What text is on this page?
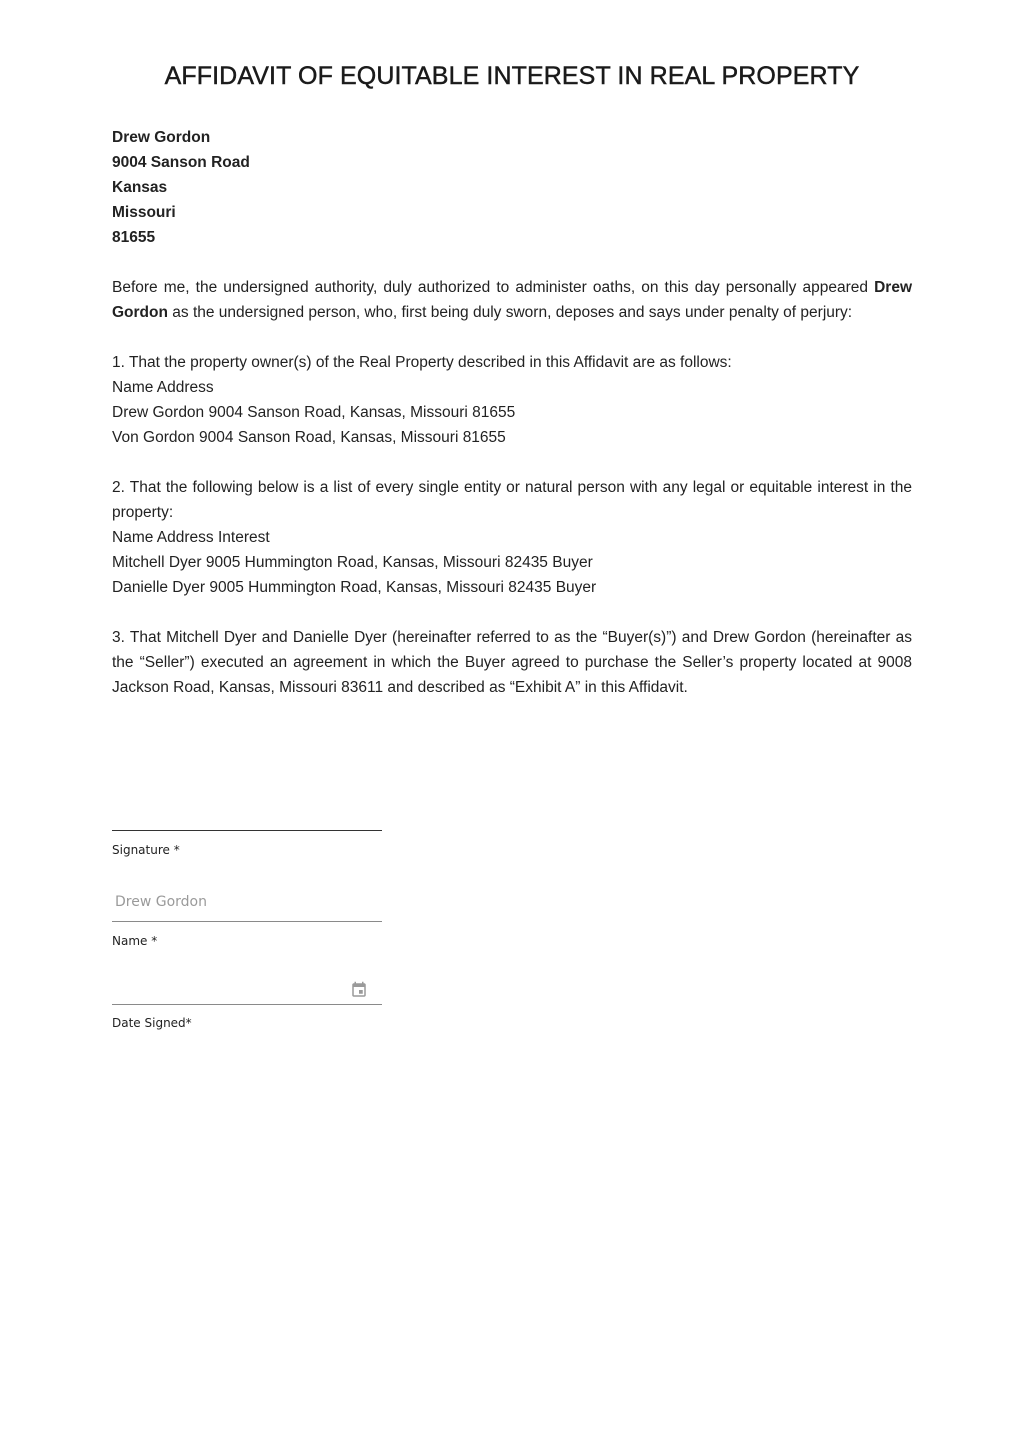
AFFIDAVIT OF EQUITABLE INTEREST IN REAL PROPERTY
Drew Gordon
9004 Sanson Road
Kansas
Missouri
81655

Before me, the undersigned authority, duly authorized to administer oaths, on this day personally appeared Drew Gordon as the undersigned person, who, first being duly sworn, deposes and says under penalty of perjury:

1. That the property owner(s) of the Real Property described in this Affidavit are as follows:
Name Address
Drew Gordon 9004 Sanson Road, Kansas, Missouri 81655
Von Gordon 9004 Sanson Road, Kansas, Missouri 81655
2. That the following below is a list of every single entity or natural person with any legal or equitable interest in the property:
Name Address Interest
Mitchell Dyer 9005 Hummington Road, Kansas, Missouri 82435 Buyer
Danielle Dyer 9005 Hummington Road, Kansas, Missouri 82435 Buyer

3. That Mitchell Dyer and Danielle Dyer (hereinafter referred to as the “Buyer(s)”) and Drew Gordon (hereinafter as the “Seller”) executed an agreement in which the Buyer agreed to purchase the Seller’s property located at 9008 Jackson Road, Kansas, Missouri 83611 and described as “Exhibit A” in this Affidavit.

Signature *
Drew Gordon
Name *
Date Signed*
